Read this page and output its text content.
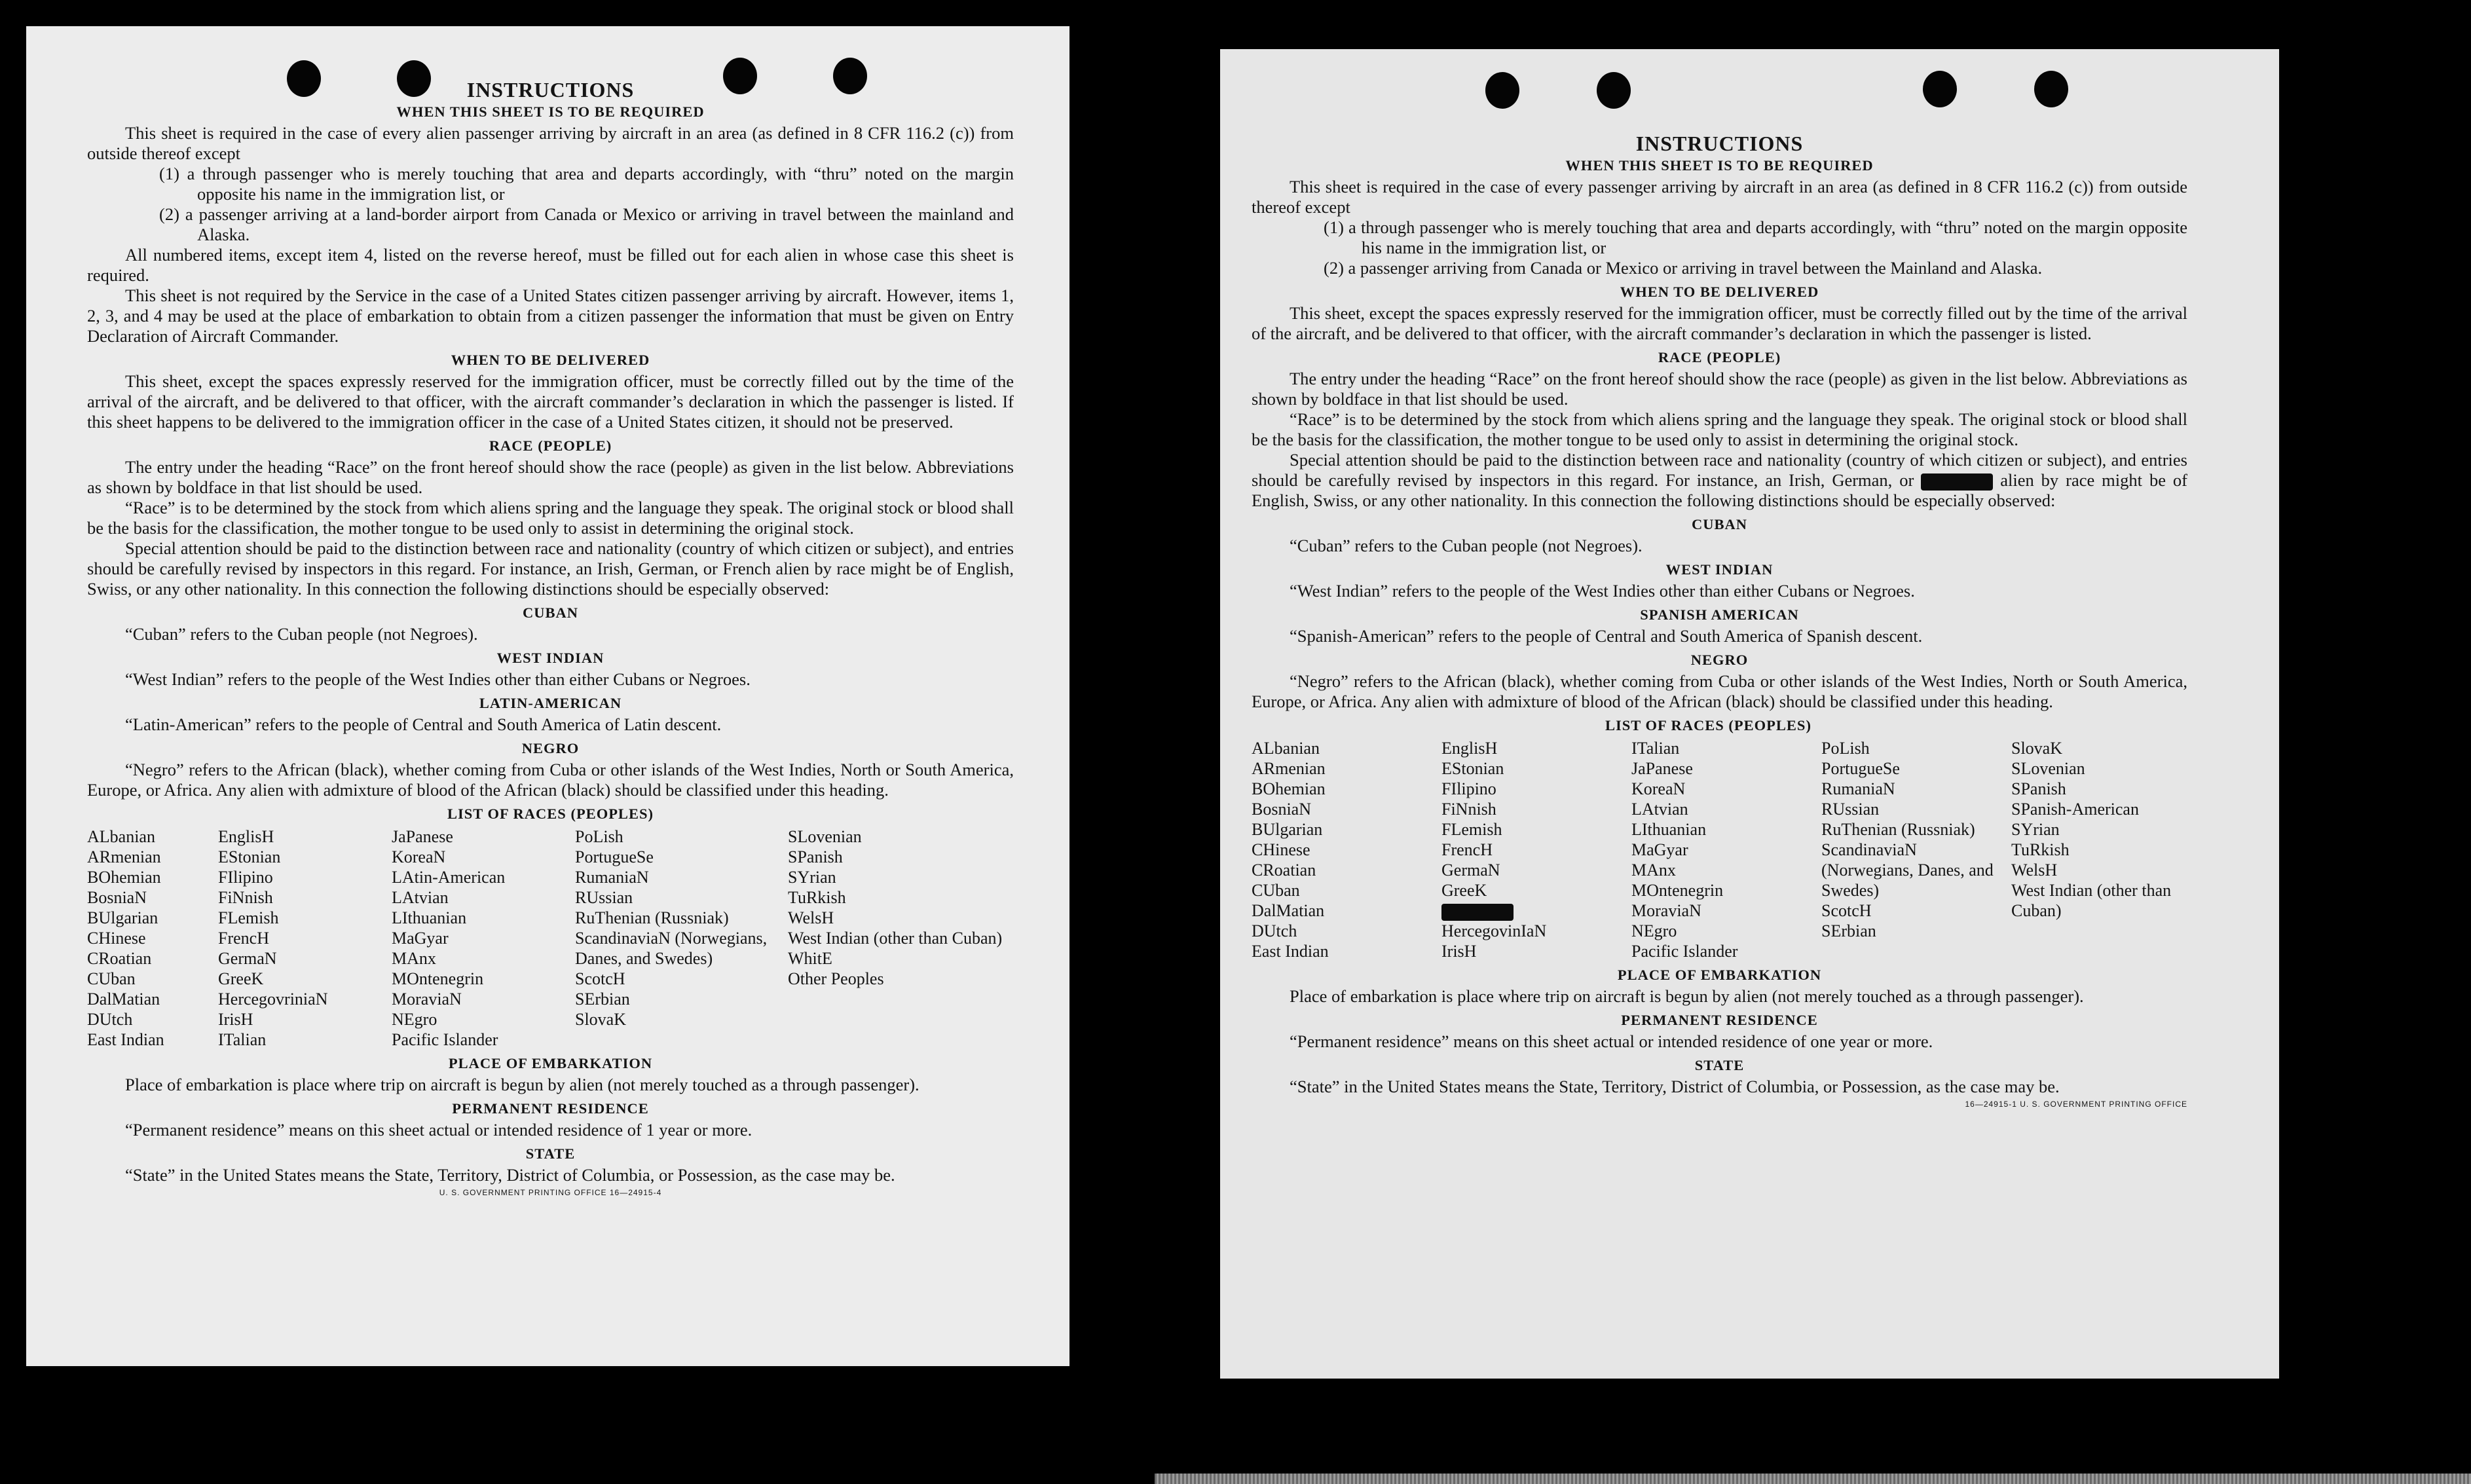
INSTRUCTIONS
WHEN THIS SHEET IS TO BE REQUIRED

This sheet is required in the case of every alien passenger arriving by aircraft in an area (as defined in 8 CFR 116.2 (c)) from outside thereof except

(1) a through passenger who is merely touching that area and departs accordingly, with “thru” noted on the margin opposite his name in the immigration list, or
(2) a passenger arriving at a land-border airport from Canada or Mexico or arriving in travel between the mainland and Alaska.

All numbered items, except item 4, listed on the reverse hereof, must be filled out for each alien in whose case this sheet is required.

This sheet is not required by the Service in the case of a United States citizen passenger arriving by aircraft. However, items 1, 2, 3, and 4 may be used at the place of embarkation to obtain from a citizen passenger the information that must be given on Entry Declaration of Aircraft Commander.

WHEN TO BE DELIVERED

This sheet, except the spaces expressly reserved for the immigration officer, must be correctly filled out by the time of the arrival of the aircraft, and be delivered to that officer, with the aircraft commander’s declaration in which the passenger is listed. If this sheet happens to be delivered to the immigration officer in the case of a United States citizen, it should not be preserved.

RACE (PEOPLE)

The entry under the heading “Race” on the front hereof should show the race (people) as given in the list below. Abbreviations as shown by boldface in that list should be used.

“Race” is to be determined by the stock from which aliens spring and the language they speak. The original stock or blood shall be the basis for the classification, the mother tongue to be used only to assist in determining the original stock.

Special attention should be paid to the distinction between race and nationality (country of which citizen or subject), and entries should be carefully revised by inspectors in this regard. For instance, an Irish, German, or French alien by race might be of English, Swiss, or any other nationality. In this connection the following distinctions should be especially observed:

CUBAN

“Cuban” refers to the Cuban people (not Negroes).

WEST INDIAN

“West Indian” refers to the people of the West Indies other than either Cubans or Negroes.

LATIN-AMERICAN

“Latin-American” refers to the people of Central and South America of Latin descent.

NEGRO

“Negro” refers to the African (black), whether coming from Cuba or other islands of the West Indies, North or South America, Europe, or Africa. Any alien with admixture of blood of the African (black) should be classified under this heading.

LIST OF RACES (PEOPLES)
ALbanian
ARmenian
BOhemian
BosniaN
BUlgarian
CHinese
CRoatian
CUban
DalMatian
DUtch
East Indian
EnglisH
EStonian
FIlipino
FiNnish
FLemish
FrencH
GermaN
GreeK
HercegovriniaN
IrisH
ITalian
JaPanese
KoreaN
LAtin-American
LAtvian
LIthuanian
MaGyar
MAnx
MOntenegrin
MoraviaN
NEgro
Pacific Islander
PoLish
PortugueSe
RumaniaN
RUssian
RuThenian (Russniak)
ScandinaviaN (Norwegians, Danes, and Swedes)
ScotcH
SErbian
SlovaK
SLovenian
SPanish
SYrian
TuRkish
WelsH
West Indian (other than Cuban)
WhitE
Other Peoples
PLACE OF EMBARKATION

Place of embarkation is place where trip on aircraft is begun by alien (not merely touched as a through passenger).

PERMANENT RESIDENCE

“Permanent residence” means on this sheet actual or intended residence of 1 year or more.

STATE

“State” in the United States means the State, Territory, District of Columbia, or Possession, as the case may be.

U. S. GOVERNMENT PRINTING OFFICE 16—24915-4
INSTRUCTIONS
WHEN THIS SHEET IS TO BE REQUIRED

This sheet is required in the case of every passenger arriving by aircraft in an area (as defined in 8 CFR 116.2 (c)) from outside thereof except

(1) a through passenger who is merely touching that area and departs accordingly, with “thru” noted on the margin opposite his name in the immigration list, or
(2) a passenger arriving from Canada or Mexico or arriving in travel between the Mainland and Alaska.
WHEN TO BE DELIVERED

This sheet, except the spaces expressly reserved for the immigration officer, must be correctly filled out by the time of the arrival of the aircraft, and be delivered to that officer, with the aircraft commander’s declaration in which the passenger is listed.

RACE (PEOPLE)

The entry under the heading “Race” on the front hereof should show the race (people) as given in the list below. Abbreviations as shown by boldface in that list should be used.

“Race” is to be determined by the stock from which aliens spring and the language they speak. The original stock or blood shall be the basis for the classification, the mother tongue to be used only to assist in determining the original stock.

Special attention should be paid to the distinction between race and nationality (country of which citizen or subject), and entries should be carefully revised by inspectors in this regard. For instance, an Irish, German, or	alien by race might be of English, Swiss, or any other nationality. In this connection the following distinctions should be especially observed:

CUBAN

“Cuban” refers to the Cuban people (not Negroes).

WEST INDIAN

“West Indian” refers to the people of the West Indies other than either Cubans or Negroes.

SPANISH AMERICAN

“Spanish-American” refers to the people of Central and South America of Spanish descent.

NEGRO

“Negro” refers to the African (black), whether coming from Cuba or other islands of the West Indies, North or South America, Europe, or Africa. Any alien with admixture of blood of the African (black) should be classified under this heading.

LIST OF RACES (PEOPLES)
ALbanian
ARmenian
BOhemian
BosniaN
BUlgarian
CHinese
CRoatian
CUban
DalMatian
DUtch
East Indian
EnglisH
EStonian
FIlipino
FiNnish
FLemish
FrencH
GermaN
GreeK
HercegovinIaN
IrisH
ITalian
JaPanese
KoreaN
LAtvian
LIthuanian
MaGyar
MAnx
MOntenegrin
MoraviaN
NEgro
Pacific Islander
PoLish
PortugueSe
RumaniaN
RUssian
RuThenian (Russniak)
ScandinaviaN (Norwegians, Danes, and Swedes)
ScotcH
SErbian
SlovaK
SLovenian
SPanish
SPanish-American
SYrian
TuRkish
WelsH
West Indian (other than Cuban)
PLACE OF EMBARKATION

Place of embarkation is place where trip on aircraft is begun by alien (not merely touched as a through passenger).

PERMANENT RESIDENCE

“Permanent residence” means on this sheet actual or intended residence of one year or more.

STATE

“State” in the United States means the State, Territory, District of Columbia, or Possession, as the case may be.

16—24915-1 U. S. GOVERNMENT PRINTING OFFICE
